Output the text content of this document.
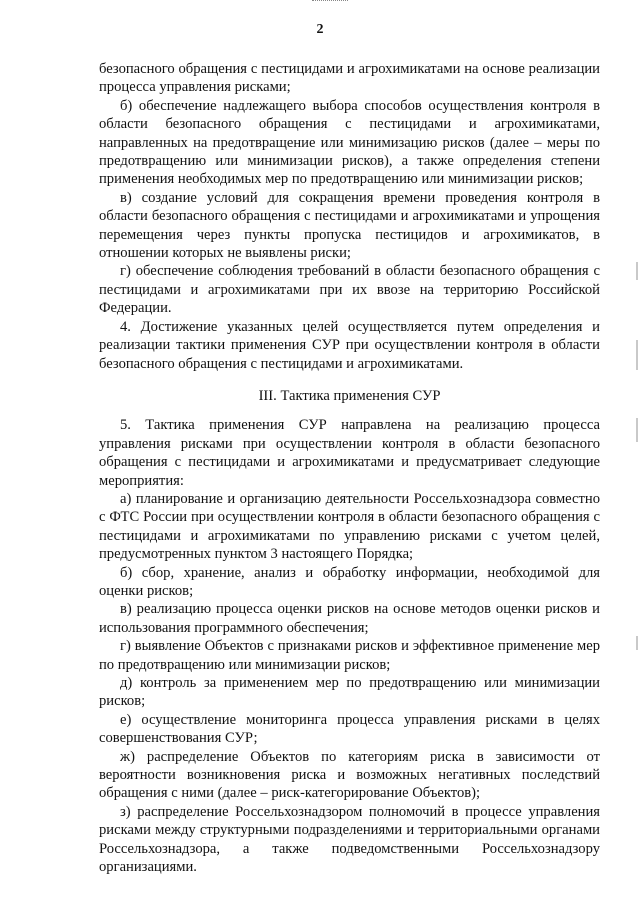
2

безопасного обращения с пестицидами и агрохимикатами на основе реализации процесса управления рисками;

б) обеспечение надлежащего выбора способов осуществления контроля в области безопасного обращения с пестицидами и агрохимикатами, направленных на предотвращение или минимизацию рисков (далее – меры по предотвращению или минимизации рисков), а также определения степени применения необходимых мер по предотвращению или минимизации рисков;

в) создание условий для сокращения времени проведения контроля в области безопасного обращения с пестицидами и агрохимикатами и упрощения перемещения через пункты пропуска пестицидов и агрохимикатов, в отношении которых не выявлены риски;

г) обеспечение соблюдения требований в области безопасного обращения с пестицидами и агрохимикатами при их ввозе на территорию Российской Федерации.

4. Достижение указанных целей осуществляется путем определения и реализации тактики применения СУР при осуществлении контроля в области безопасного обращения с пестицидами и агрохимикатами.

III. Тактика применения СУР

5. Тактика применения СУР направлена на реализацию процесса управления рисками при осуществлении контроля в области безопасного обращения с пестицидами и агрохимикатами и предусматривает следующие мероприятия:

а) планирование и организацию деятельности Россельхознадзора совместно с ФТС России при осуществлении контроля в области безопасного обращения с пестицидами и агрохимикатами по управлению рисками с учетом целей, предусмотренных пунктом 3 настоящего Порядка;

б) сбор, хранение, анализ и обработку информации, необходимой для оценки рисков;

в) реализацию процесса оценки рисков на основе методов оценки рисков и использования программного обеспечения;

г) выявление Объектов с признаками рисков и эффективное применение мер по предотвращению или минимизации рисков;

д) контроль за применением мер по предотвращению или минимизации рисков;

е) осуществление мониторинга процесса управления рисками в целях совершенствования СУР;

ж) распределение Объектов по категориям риска в зависимости от вероятности возникновения риска и возможных негативных последствий обращения с ними (далее – риск-категорирование Объектов);

з) распределение Россельхознадзором полномочий в процессе управления рисками между структурными подразделениями и территориальными органами Россельхознадзора, а также подведомственными Россельхознадзору организациями.
